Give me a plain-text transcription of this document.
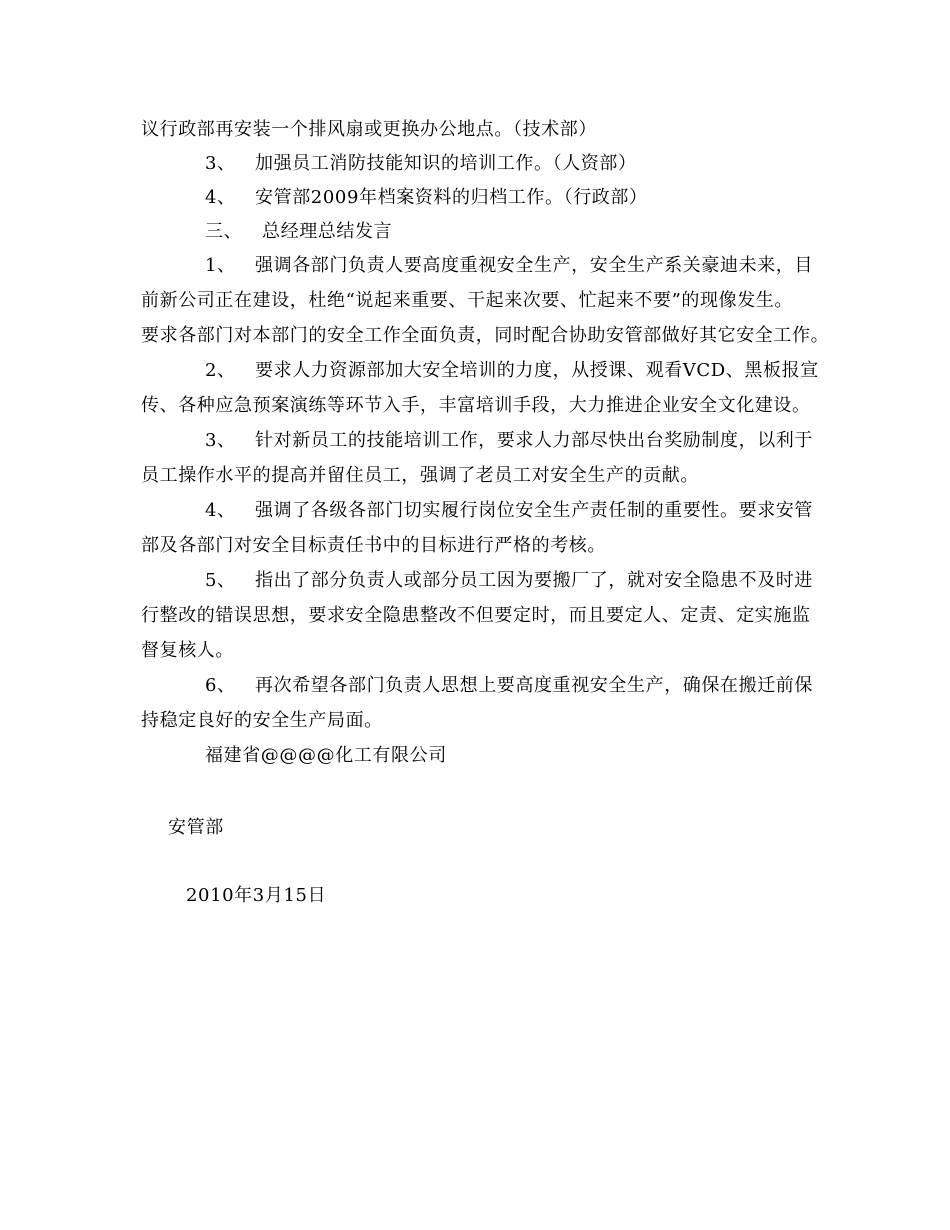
议行政部再安装一个排风扇或更换办公地点。（技术部）
3、 加强员工消防技能知识的培训工作。（人资部）
4、 安管部2009年档案资料的归档工作。（行政部）
三、 总经理总结发言
1、 强调各部门负责人要高度重视安全生产，安全生产系关豪迪未来，目
前新公司正在建设，杜绝“说起来重要、干起来次要、忙起来不要”的现像发生。
要求各部门对本部门的安全工作全面负责，同时配合协助安管部做好其它安全工作。
2、 要求人力资源部加大安全培训的力度，从授课、观看VCD、黑板报宣
传、各种应急预案演练等环节入手，丰富培训手段，大力推进企业安全文化建设。
3、 针对新员工的技能培训工作，要求人力部尽快出台奖励制度，以利于
员工操作水平的提高并留住员工，强调了老员工对安全生产的贡献。
4、 强调了各级各部门切实履行岗位安全生产责任制的重要性。要求安管
部及各部门对安全目标责任书中的目标进行严格的考核。
5、 指出了部分负责人或部分员工因为要搬厂了，就对安全隐患不及时进
行整改的错误思想，要求安全隐患整改不但要定时，而且要定人、定责、定实施监
督复核人。
6、 再次希望各部门负责人思想上要高度重视安全生产，确保在搬迁前保
持稳定良好的安全生产局面。
福建省@@@@化工有限公司
安管部
2010年3月15日
